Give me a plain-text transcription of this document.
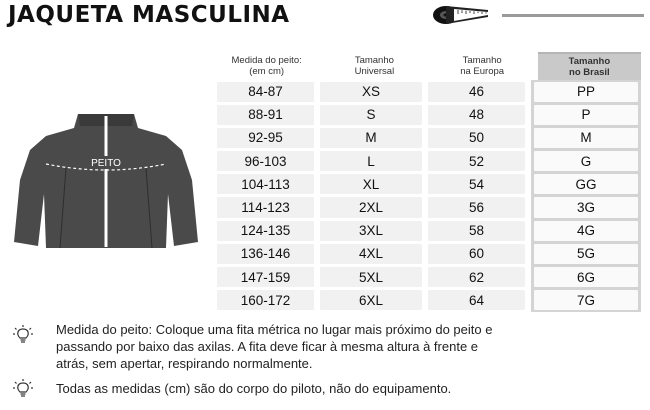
JAQUETA MASCULINA
PEITO
Medida do peito:
(em cm)
Tamanho
Universal
Tamanho
na Europa
Tamanho
no Brasil
84-87	XS	46	PP
88-91	S	48	P
92-95	M	50	M
96-103	L	52	G
104-113	XL	54	GG
114-123	2XL	56	3G
124-135	3XL	58	4G
136-146	4XL	60	5G
147-159	5XL	62	6G
160-172	6XL	64	7G
Medida do peito: Coloque uma fita métrica no lugar mais próximo do peito e
passando por baixo das axilas. A fita deve ficar à mesma altura à frente e
atrás, sem apertar, respirando normalmente.
Todas as medidas (cm) são do corpo do piloto, não do equipamento.
